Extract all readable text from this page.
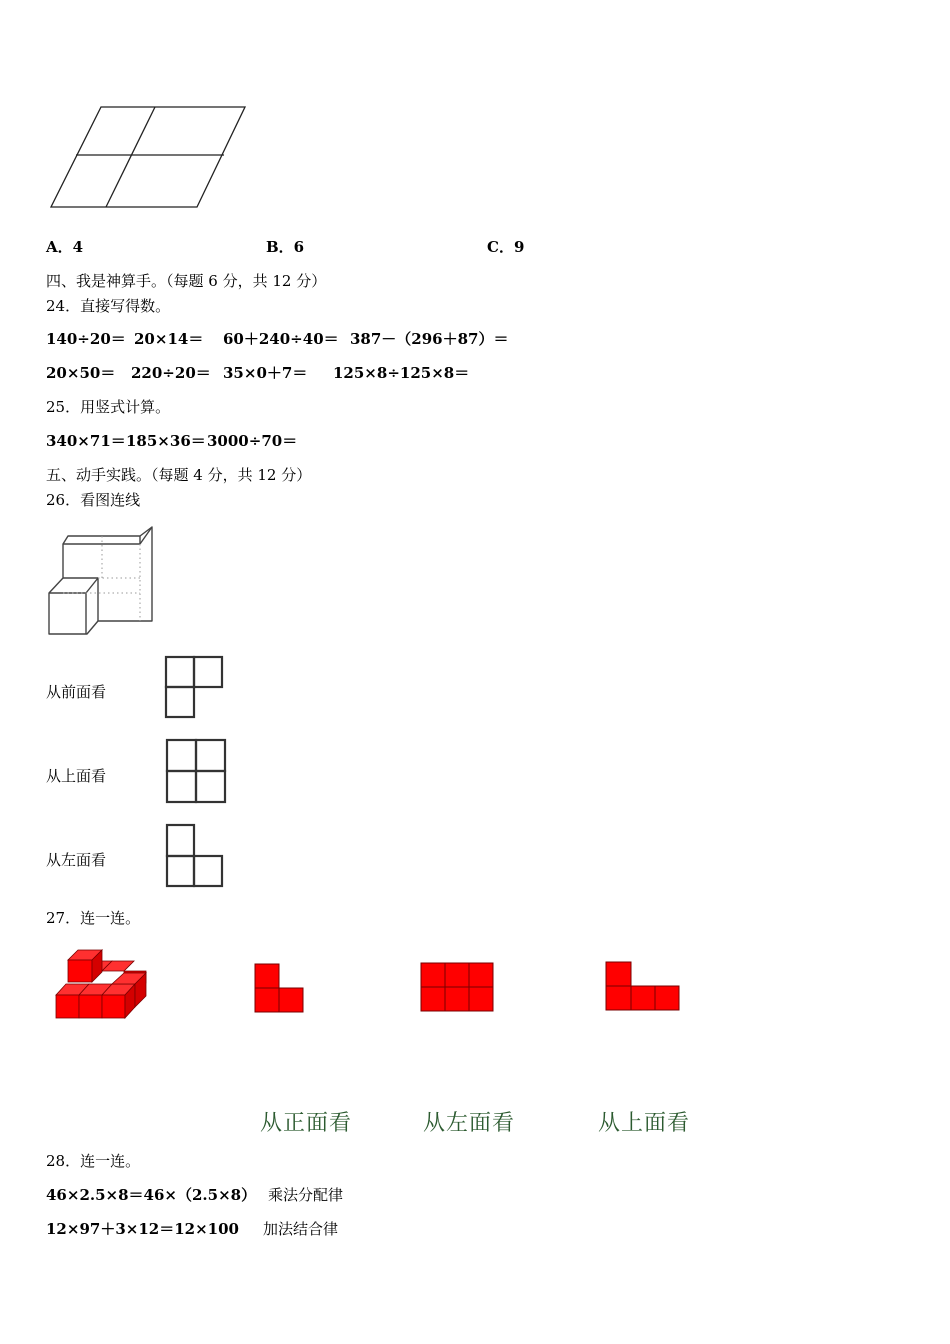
A．4	B．6	C．9
四、我是神算手。（每题 6 分，共 12 分）
24．直接写得数。
140÷20＝ 20×14＝ 60＋240÷40＝ 387－（296＋87）＝
20×50＝ 220÷20＝ 35×0＋7＝ 125×8÷125×8＝
25．用竖式计算。
340×71＝ 185×36＝ 3000÷70＝
五、动手实践。（每题 4 分，共 12 分）
26．看图连线
从前面看
从上面看
从左面看
27．连一连。
从正面看	从左面看	从上面看
28．连一连。
46×2.5×8＝46×（2.5×8） 乘法分配律
12×97＋3×12＝12×100 加法结合律
